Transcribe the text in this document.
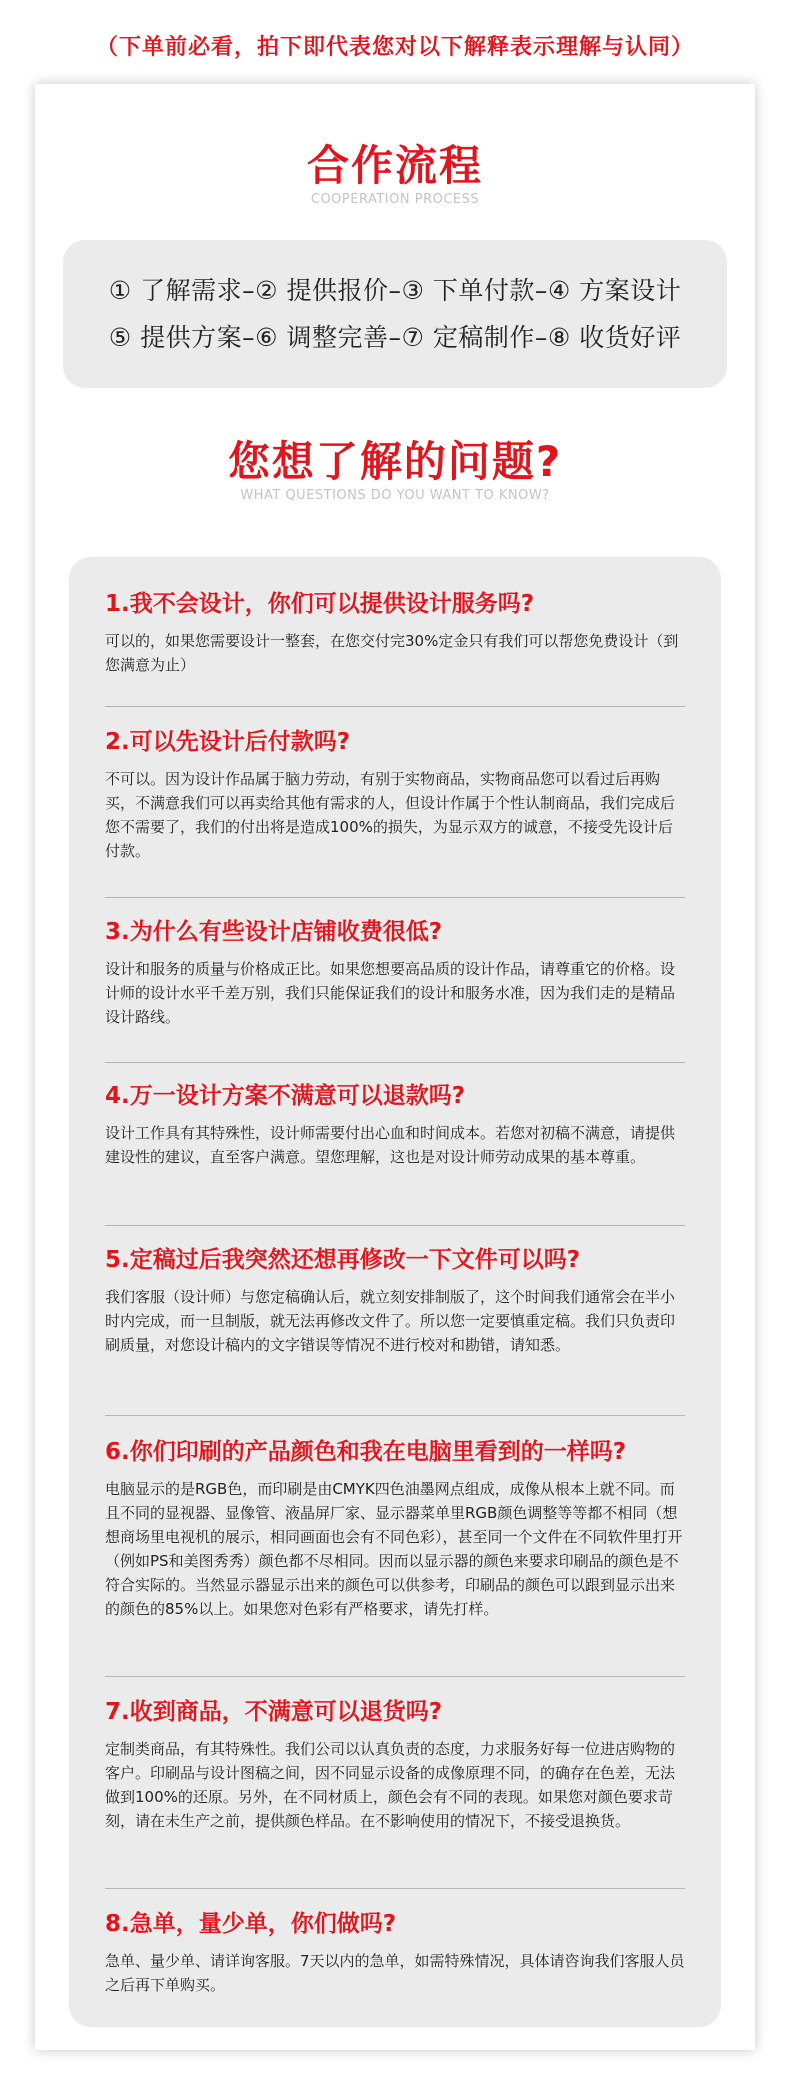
（下单前必看，拍下即代表您对以下解释表示理解与认同）
合作流程
COOPERATION PROCESS
① 了解需求–② 提供报价–③ 下单付款–④ 方案设计
⑤ 提供方案–⑥ 调整完善–⑦ 定稿制作–⑧ 收货好评
您想了解的问题?
WHAT QUESTIONS DO YOU WANT TO KNOW?
1.我不会设计，你们可以提供设计服务吗?
可以的，如果您需要设计一整套，在您交付完30%定金只有我们可以帮您免费设计（到您满意为止）
2.可以先设计后付款吗?
不可以。因为设计作品属于脑力劳动，有别于实物商品，实物商品您可以看过后再购买，不满意我们可以再卖给其他有需求的人，但设计作属于个性认制商品，我们完成后您不需要了，我们的付出将是造成100%的损失，为显示双方的诚意，不接受先设计后付款。
3.为什么有些设计店铺收费很低?
设计和服务的质量与价格成正比。如果您想要高品质的设计作品，请尊重它的价格。设计师的设计水平千差万别，我们只能保证我们的设计和服务水准，因为我们走的是精品设计路线。
4.万一设计方案不满意可以退款吗?
设计工作具有其特殊性，设计师需要付出心血和时间成本。若您对初稿不满意，请提供建设性的建议，直至客户满意。望您理解，这也是对设计师劳动成果的基本尊重。
5.定稿过后我突然还想再修改一下文件可以吗?
我们客服（设计师）与您定稿确认后，就立刻安排制版了，这个时间我们通常会在半小时内完成，而一旦制版，就无法再修改文件了。所以您一定要慎重定稿。我们只负责印刷质量，对您设计稿内的文字错误等情况不进行校对和勘错，请知悉。
6.你们印刷的产品颜色和我在电脑里看到的一样吗?
电脑显示的是RGB色，而印刷是由CMYK四色油墨网点组成，成像从根本上就不同。而且不同的显视器、显像管、液晶屏厂家、显示器菜单里RGB颜色调整等等都不相同（想想商场里电视机的展示，相同画面也会有不同色彩），甚至同一个文件在不同软件里打开（例如PS和美图秀秀）颜色都不尽相同。因而以显示器的颜色来要求印刷品的颜色是不符合实际的。当然显示器显示出来的颜色可以供参考，印刷品的颜色可以跟到显示出来的颜色的85%以上。如果您对色彩有严格要求，请先打样。
7.收到商品，不满意可以退货吗?
定制类商品，有其特殊性。我们公司以认真负责的态度，力求服务好每一位进店购物的客户。印刷品与设计图稿之间，因不同显示设备的成像原理不同，的确存在色差，无法做到100%的还原。另外，在不同材质上，颜色会有不同的表现。如果您对颜色要求苛刻，请在未生产之前，提供颜色样品。在不影响使用的情况下，不接受退换货。
8.急单，量少单，你们做吗?
急单、量少单、请详询客服。7天以内的急单，如需特殊情况，具体请咨询我们客服人员之后再下单购买。
